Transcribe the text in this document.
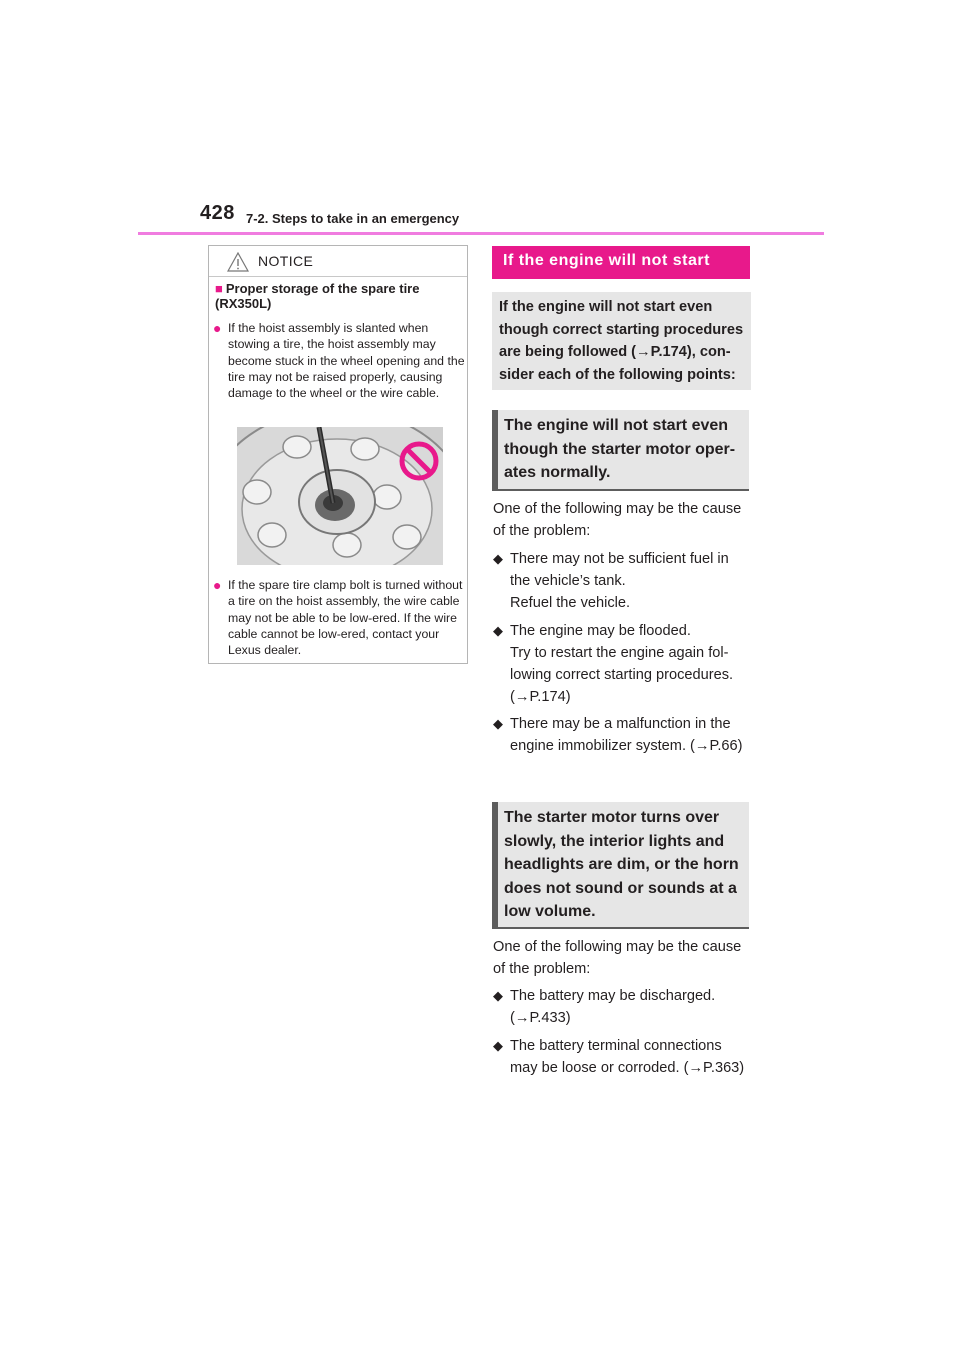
428 7-2. Steps to take in an emergency
NOTICE
■ Proper storage of the spare tire (RX350L)
● If the hoist assembly is slanted when stowing a tire, the hoist assembly may become stuck in the wheel opening and the tire may not be raised properly, causing damage to the wheel or the wire cable.
● If the spare tire clamp bolt is turned without a tire on the hoist assembly, the wire cable may not be able to be low-ered. If the wire cable cannot be low-ered, contact your Lexus dealer.
If the engine will not start
If the engine will not start even though correct starting procedures are being followed (→P.174), con-sider each of the following points:
The engine will not start even though the starter motor oper-ates normally.
One of the following may be the cause of the problem:
◆ There may not be sufficient fuel in the vehicle’s tank.
Refuel the vehicle.
◆ The engine may be flooded.
Try to restart the engine again fol-lowing correct starting procedures. (→P.174)
◆ There may be a malfunction in the engine immobilizer system. (→P.66)
The starter motor turns over slowly, the interior lights and headlights are dim, or the horn does not sound or sounds at a low volume.
One of the following may be the cause of the problem:
◆ The battery may be discharged. (→P.433)
◆ The battery terminal connections may be loose or corroded. (→P.363)
